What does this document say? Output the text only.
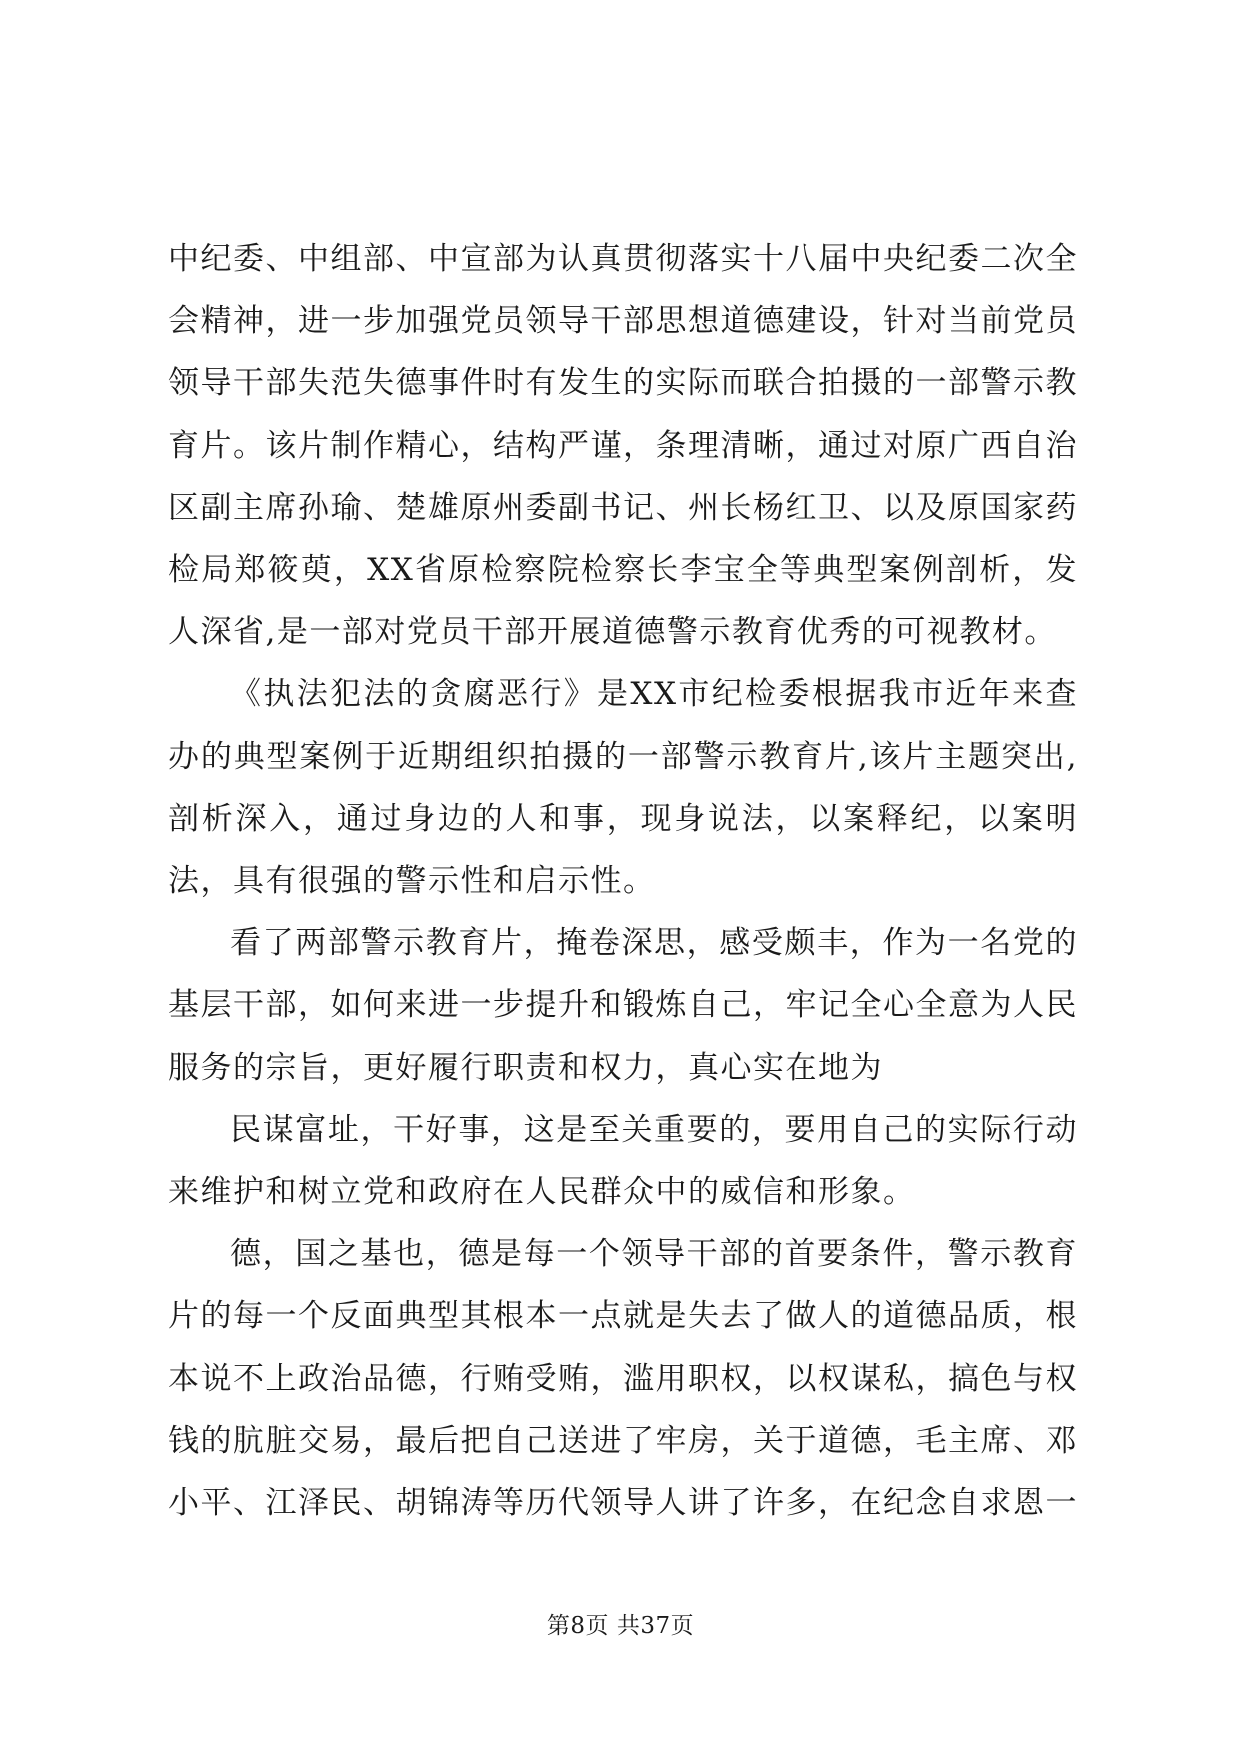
中纪委、中组部、中宣部为认真贯彻落实十八届中央纪委二次全会精神，进一步加强党员领导干部思想道德建设，针对当前党员领导干部失范失德事件时有发生的实际而联合拍摄的一部警示教育片。该片制作精心，结构严谨，条理清晰，通过对原广西自治区副主席孙瑜、楚雄原州委副书记、州长杨红卫、以及原国家药检局郑筱萸，XX省原检察院检察长李宝全等典型案例剖析，发人深省,是一部对党员干部开展道德警示教育优秀的可视教材。

《执法犯法的贪腐恶行》是XX市纪检委根据我市近年来查办的典型案例于近期组织拍摄的一部警示教育片,该片主题突出,剖析深入，通过身边的人和事，现身说法，以案释纪，以案明法，具有很强的警示性和启示性。

看了两部警示教育片，掩卷深思，感受颇丰，作为一名党的基层干部，如何来进一步提升和锻炼自己，牢记全心全意为人民服务的宗旨，更好履行职责和权力，真心实在地为

民谋富址，干好事，这是至关重要的，要用自己的实际行动来维护和树立党和政府在人民群众中的威信和形象。

德，国之基也，德是每一个领导干部的首要条件，警示教育片的每一个反面典型其根本一点就是失去了做人的道德品质，根本说不上政治品德，行贿受贿，滥用职权，以权谋私，搞色与权钱的肮脏交易，最后把自己送进了牢房，关于道德，毛主席、邓小平、江泽民、胡锦涛等历代领导人讲了许多，在纪念自求恩一

第8页 共37页
